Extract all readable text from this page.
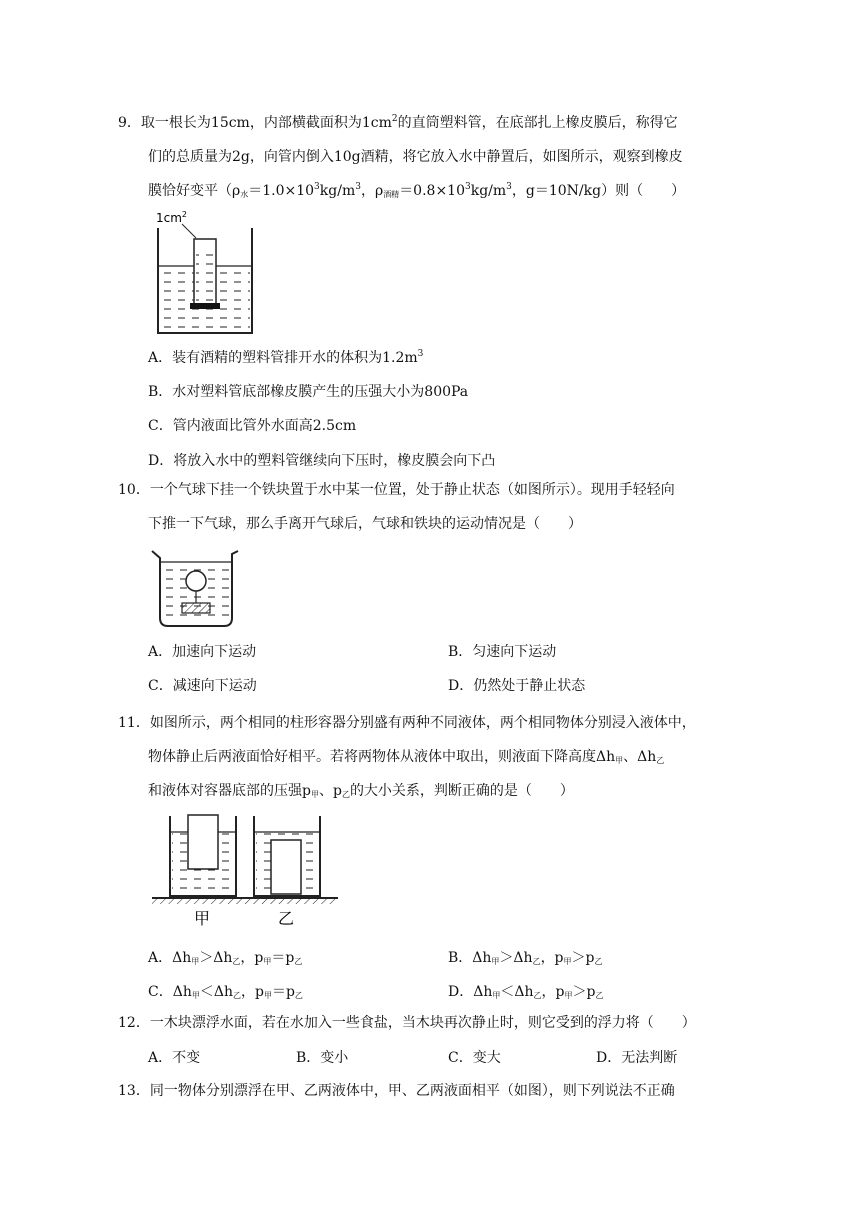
9．取一根长为15cm，内部横截面积为$1cm^2$的直筒塑料管，在底部扎上橡皮膜后，称得它

们的总质量为2g，向管内倒入10g酒精，将它放入水中静置后，如图所示，观察到橡皮

膜恰好变平（$\rho_水=1.0\times 10^3kg/m^3$，$\rho_{酒精}=0.8\times 10^3kg/m^3$，g＝10N/kg）则（　　）

$1cm^2$
A．装有酒精的塑料管排开水的体积为$1.2m^3$
B．水对塑料管底部橡皮膜产生的压强大小为800Pa
C．管内液面比管外水面高2.5cm
D．将放入水中的塑料管继续向下压时，橡皮膜会向下凸

10．一个气球下挂一个铁块置于水中某一位置，处于静止状态（如图所示）。现用手轻轻向

下推一下气球，那么手离开气球后，气球和铁块的运动情况是（　　）

A．加速向下运动	B．匀速向下运动
C．减速向下运动	D．仍然处于静止状态

11．如图所示，两个相同的柱形容器分别盛有两种不同液体，两个相同物体分别浸入液体中，

物体静止后两液面恰好相平。若将两物体从液体中取出，则液面下降高度$\Delta h_甲$、$\Delta h_乙$

和液体对容器底部的压强$p_甲$、$p_乙$的大小关系，判断正确的是（　　）

甲	乙
A．$\Delta h_甲>\Delta h_乙$，$p_甲=p_乙$	B．$\Delta h_甲>\Delta h_乙$，$p_甲>p_乙$
C．$\Delta h_甲<\Delta h_乙$，$p_甲=p_乙$	D．$\Delta h_甲<\Delta h_乙$，$p_甲>p_乙$

12．一木块漂浮水面，若在水加入一些食盐，当木块再次静止时，则它受到的浮力将（　　）

A．不变	B．变小	C．变大	D．无法判断

13．同一物体分别漂浮在甲、乙两液体中，甲、乙两液面相平（如图），则下列说法不正确
